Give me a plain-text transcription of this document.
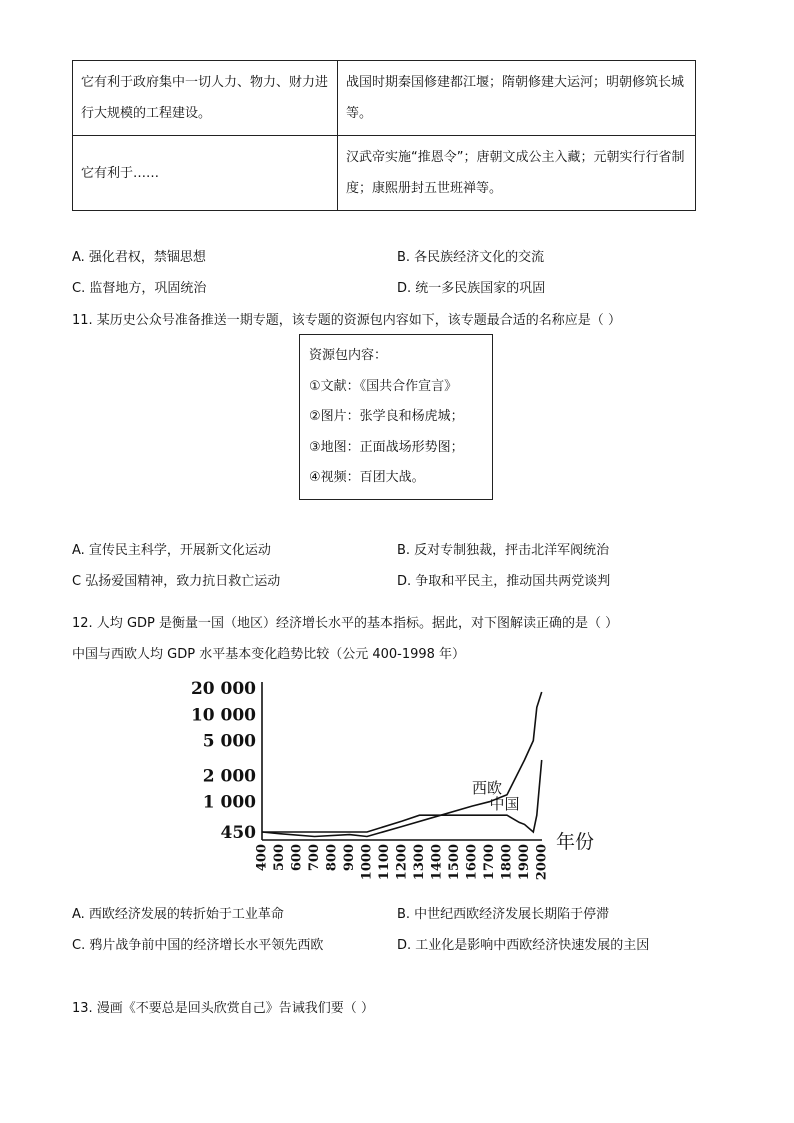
它有利于政府集中一切人力、物力、财力进行大规模的工程建设。	战国时期秦国修建都江堰；隋朝修建大运河；明朝修筑长城等。
它有利于……	汉武帝实施“推恩令”；唐朝文成公主入藏；元朝实行行省制度；康熙册封五世班禅等。
A. 强化君权，禁锢思想	B. 各民族经济文化的交流
C. 监督地方，巩固统治	D. 统一多民族国家的巩固
11. 某历史公众号准备推送一期专题，该专题的资源包内容如下，该专题最合适的名称应是（ ）
资源包内容：
①文献：《国共合作宣言》
②图片：张学良和杨虎城；
③地图：正面战场形势图；
④视频：百团大战。
A. 宣传民主科学，开展新文化运动	B. 反对专制独裁，抨击北洋军阀统治
C 弘扬爱国精神，致力抗日救亡运动	D. 争取和平民主，推动国共两党谈判
12. 人均 GDP 是衡量一国（地区）经济增长水平的基本指标。据此，对下图解读正确的是（ ）
中国与西欧人均 GDP 水平基本变化趋势比较（公元 400-1998 年）
450
1 000
2 000
5 000
10 000
20 000
400 500 600 700 800 900 1000 1100 1200 1300 1400 1500 1600 1700 1800 1900 2000
年份
西欧
中国
A. 西欧经济发展的转折始于工业革命	B. 中世纪西欧经济发展长期陷于停滞
C. 鸦片战争前中国的经济增长水平领先西欧	D. 工业化是影响中西欧经济快速发展的主因
13. 漫画《不要总是回头欣赏自己》告诫我们要（ ）
